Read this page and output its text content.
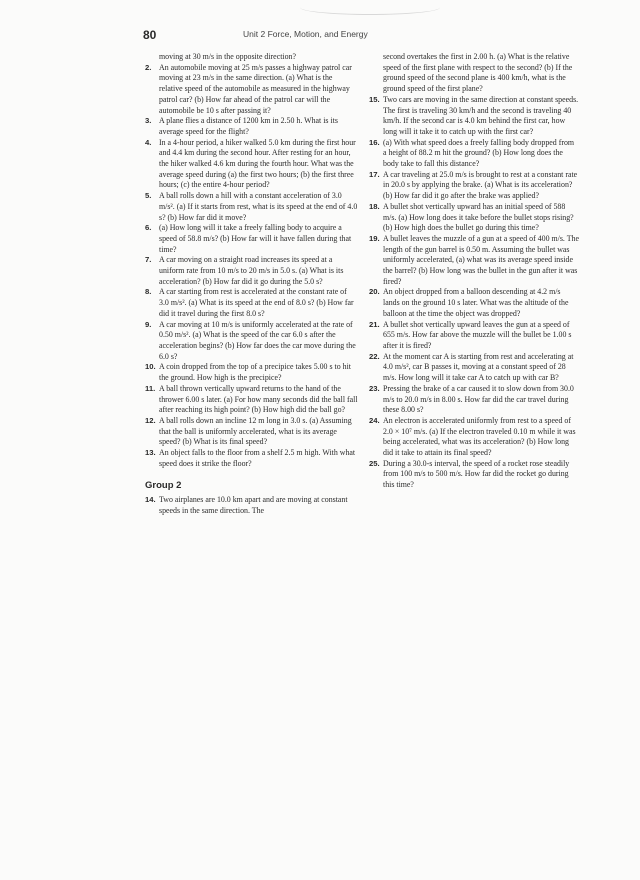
80	Unit 2 Force, Motion, and Energy

moving at 30 m/s in the opposite direction?

2. An automobile moving at 25 m/s passes a highway patrol car moving at 23 m/s in the same direction. (a) What is the relative speed of the automobile as measured in the highway patrol car? (b) How far ahead of the patrol car will the automobile be 10 s after passing it?

3. A plane flies a distance of 1200 km in 2.50 h. What is its average speed for the flight?

4. In a 4-hour period, a hiker walked 5.0 km during the first hour and 4.4 km during the second hour. After resting for an hour, the hiker walked 4.6 km during the fourth hour. What was the average speed during (a) the first two hours; (b) the first three hours; (c) the entire 4-hour period?

5. A ball rolls down a hill with a constant acceleration of 3.0 m/s². (a) If it starts from rest, what is its speed at the end of 4.0 s? (b) How far did it move?

6. (a) How long will it take a freely falling body to acquire a speed of 58.8 m/s? (b) How far will it have fallen during that time?

7. A car moving on a straight road increases its speed at a uniform rate from 10 m/s to 20 m/s in 5.0 s. (a) What is its acceleration? (b) How far did it go during the 5.0 s?

8. A car starting from rest is accelerated at the constant rate of 3.0 m/s². (a) What is its speed at the end of 8.0 s? (b) How far did it travel during the first 8.0 s?

9. A car moving at 10 m/s is uniformly accelerated at the rate of 0.50 m/s². (a) What is the speed of the car 6.0 s after the acceleration begins? (b) How far does the car move during the 6.0 s?

10. A coin dropped from the top of a precipice takes 5.00 s to hit the ground. How high is the precipice?

11. A ball thrown vertically upward returns to the hand of the thrower 6.00 s later. (a) For how many seconds did the ball fall after reaching its high point? (b) How high did the ball go?

12. A ball rolls down an incline 12 m long in 3.0 s. (a) Assuming that the ball is uniformly accelerated, what is its average speed? (b) What is its final speed?

13. An object falls to the floor from a shelf 2.5 m high. With what speed does it strike the floor?

Group 2

14. Two airplanes are 10.0 km apart and are moving at constant speeds in the same direction. The

second overtakes the first in 2.00 h. (a) What is the relative speed of the first plane with respect to the second? (b) If the ground speed of the second plane is 400 km/h, what is the ground speed of the first plane?

15. Two cars are moving in the same direction at constant speeds. The first is traveling 30 km/h and the second is traveling 40 km/h. If the second car is 4.0 km behind the first car, how long will it take it to catch up with the first car?

16. (a) With what speed does a freely falling body dropped from a height of 88.2 m hit the ground? (b) How long does the body take to fall this distance?

17. A car traveling at 25.0 m/s is brought to rest at a constant rate in 20.0 s by applying the brake. (a) What is its acceleration? (b) How far did it go after the brake was applied?

18. A bullet shot vertically upward has an initial speed of 588 m/s. (a) How long does it take before the bullet stops rising? (b) How high does the bullet go during this time?

19. A bullet leaves the muzzle of a gun at a speed of 400 m/s. The length of the gun barrel is 0.50 m. Assuming the bullet was uniformly accelerated, (a) what was its average speed inside the barrel? (b) How long was the bullet in the gun after it was fired?

20. An object dropped from a balloon descending at 4.2 m/s lands on the ground 10 s later. What was the altitude of the balloon at the time the object was dropped?

21. A bullet shot vertically upward leaves the gun at a speed of 655 m/s. How far above the muzzle will the bullet be 1.00 s after it is fired?

22. At the moment car A is starting from rest and accelerating at 4.0 m/s², car B passes it, moving at a constant speed of 28 m/s. How long will it take car A to catch up with car B?

23. Pressing the brake of a car caused it to slow down from 30.0 m/s to 20.0 m/s in 8.00 s. How far did the car travel during these 8.00 s?

24. An electron is accelerated uniformly from rest to a speed of 2.0 × 10⁷ m/s. (a) If the electron traveled 0.10 m while it was being accelerated, what was its acceleration? (b) How long did it take to attain its final speed?

25. During a 30.0-s interval, the speed of a rocket rose steadily from 100 m/s to 500 m/s. How far did the rocket go during this time?
